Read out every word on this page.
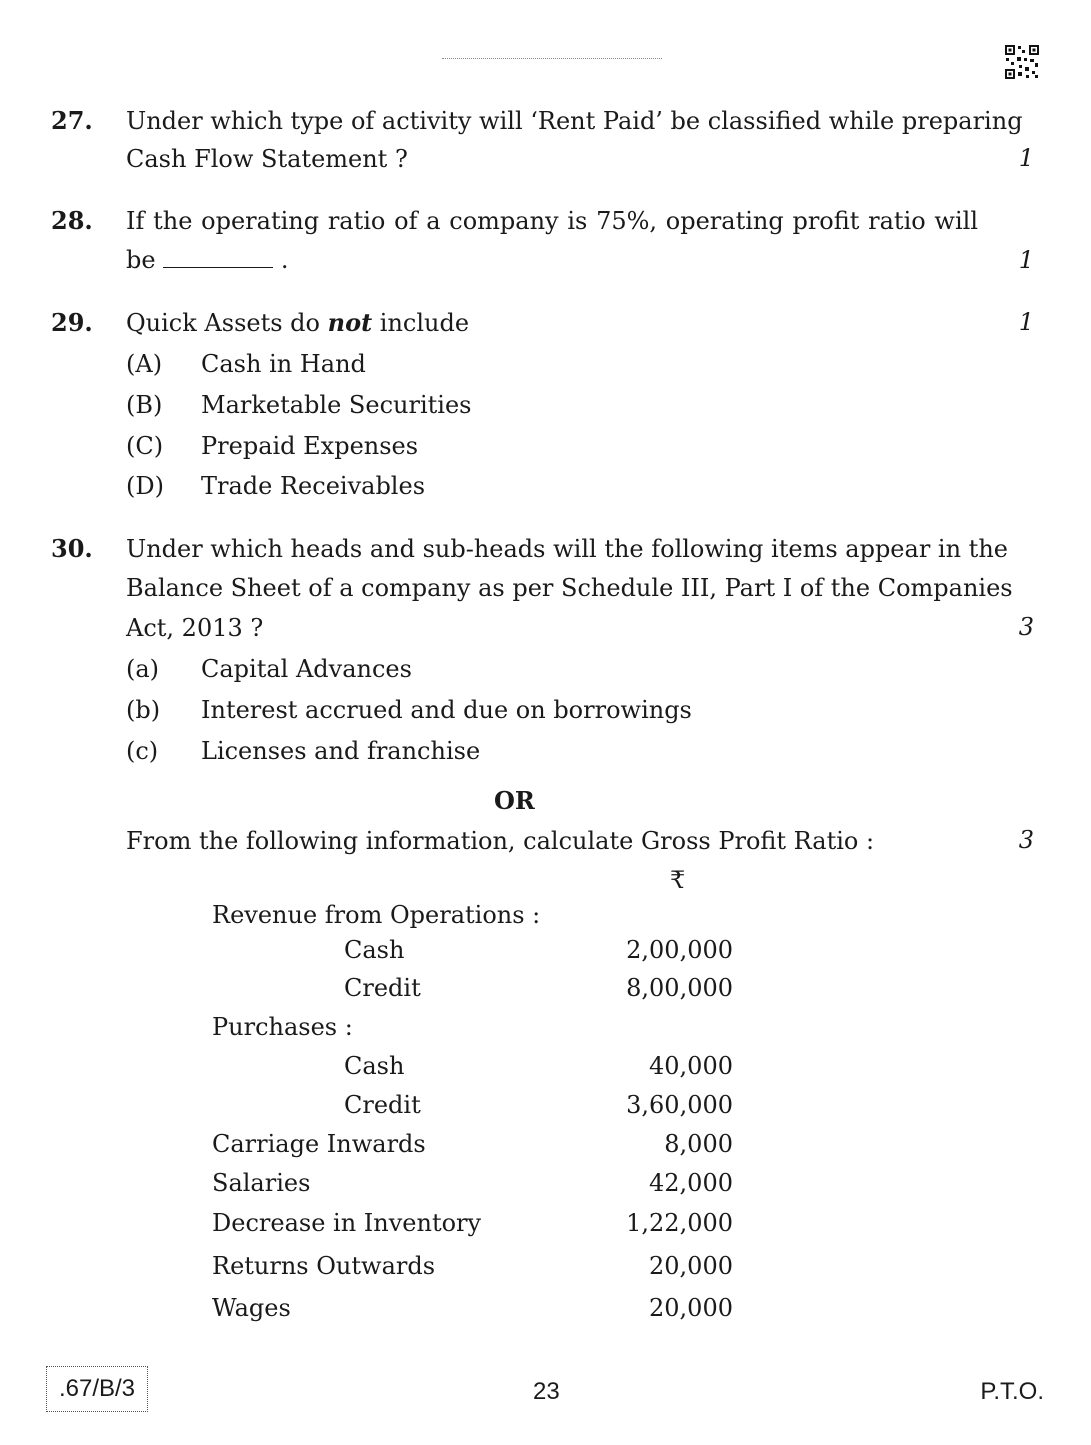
27. Under which type of activity will ‘Rent Paid’ be classified while preparing
Cash Flow Statement ?	1
28. If the operating ratio of a company is 75%, operating profit ratio will
be	.	1
29. Quick Assets do not include	1
(A) Cash in Hand
(B) Marketable Securities
(C) Prepaid Expenses
(D) Trade Receivables
30. Under which heads and sub-heads will the following items appear in the
Balance Sheet of a company as per Schedule III, Part I of the Companies
Act, 2013 ?	3
(a) Capital Advances
(b) Interest accrued and due on borrowings
(c) Licenses and franchise
OR
From the following information, calculate Gross Profit Ratio :	3
₹
Revenue from Operations :
Cash	2,00,000
Credit	8,00,000
Purchases :
Cash	40,000
Credit	3,60,000
Carriage Inwards	8,000
Salaries	42,000
Decrease in Inventory	1,22,000
Returns Outwards	20,000
Wages	20,000
.67/B/3	23	P.T.O.
